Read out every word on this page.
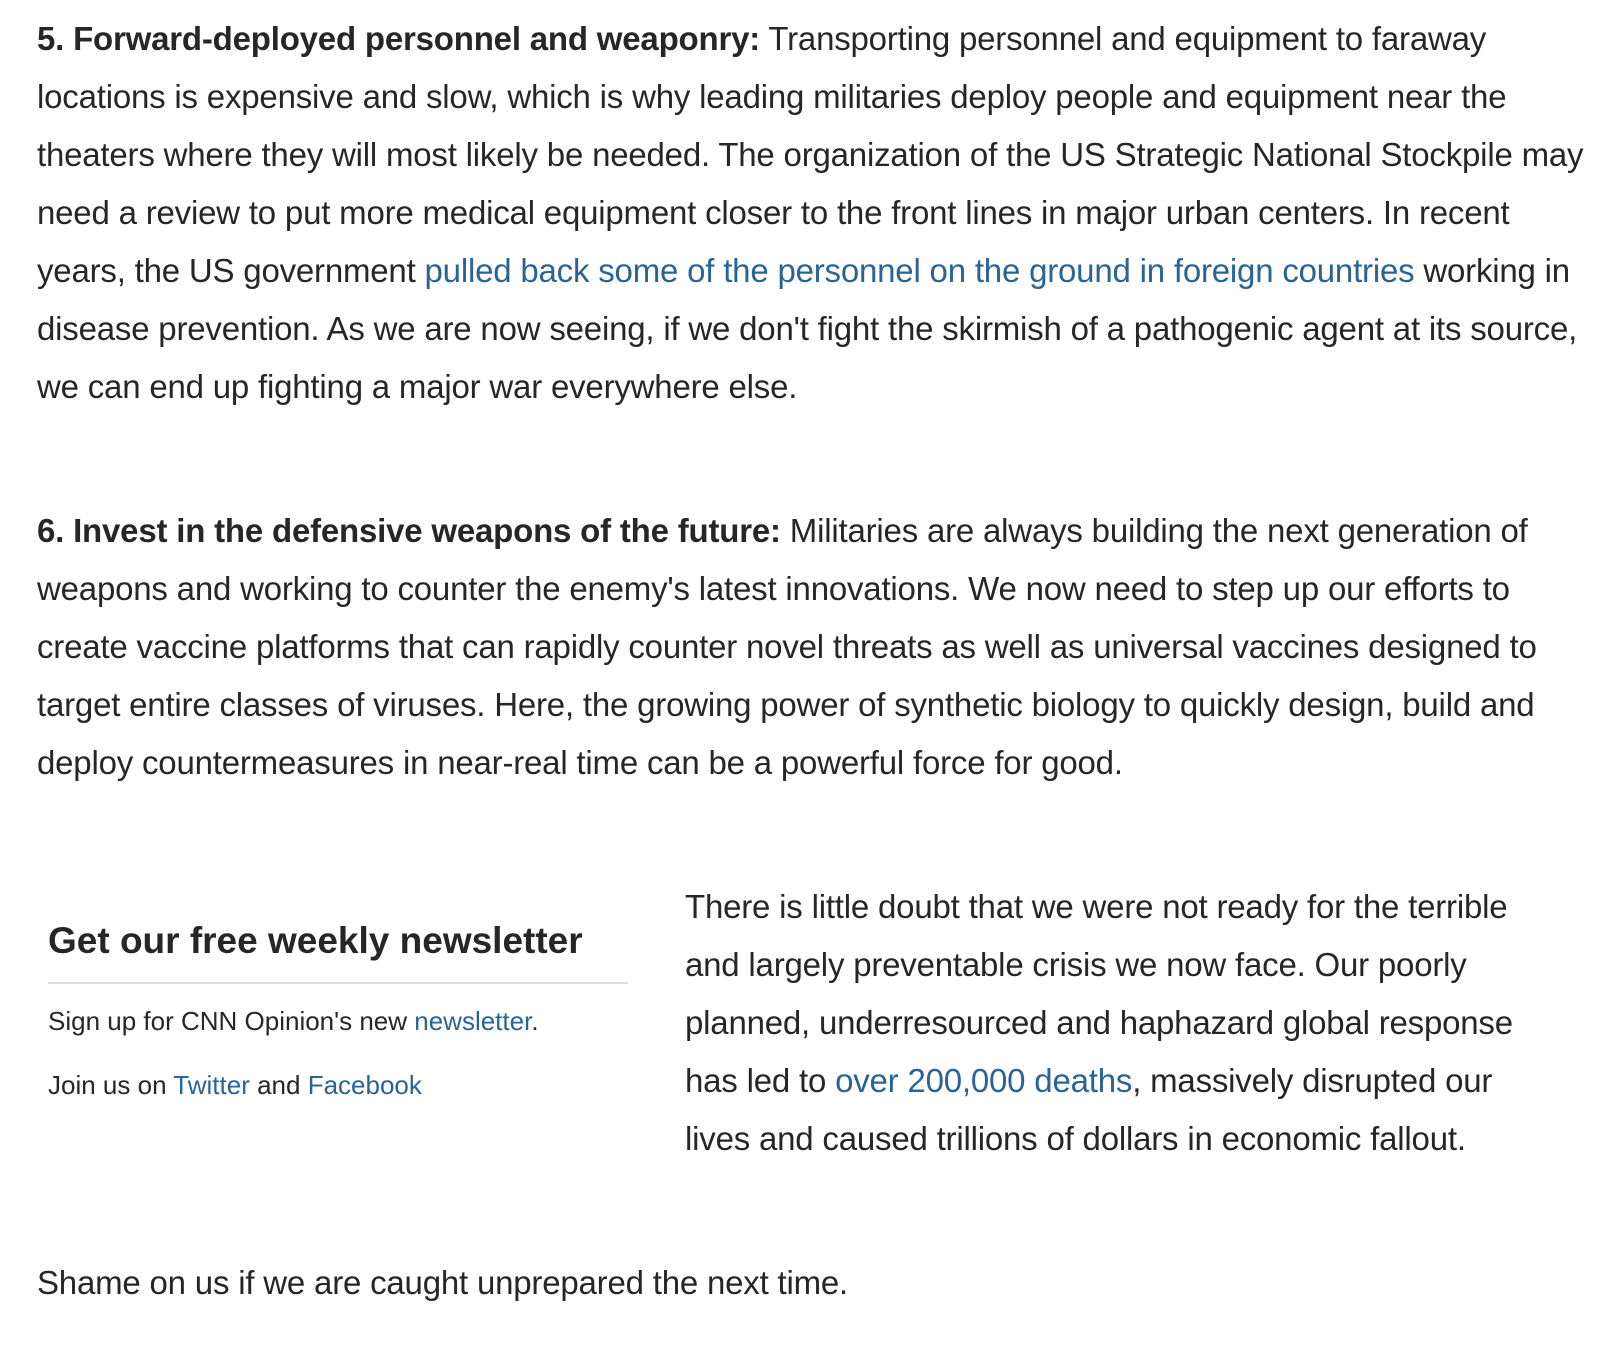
5. Forward-deployed personnel and weaponry: Transporting personnel and equipment to faraway locations is expensive and slow, which is why leading militaries deploy people and equipment near the theaters where they will most likely be needed. The organization of the US Strategic National Stockpile may need a review to put more medical equipment closer to the front lines in major urban centers. In recent years, the US government pulled back some of the personnel on the ground in foreign countries working in disease prevention. As we are now seeing, if we don't fight the skirmish of a pathogenic agent at its source, we can end up fighting a major war everywhere else.

6. Invest in the defensive weapons of the future: Militaries are always building the next generation of weapons and working to counter the enemy's latest innovations. We now need to step up our efforts to create vaccine platforms that can rapidly counter novel threats as well as universal vaccines designed to target entire classes of viruses. Here, the growing power of synthetic biology to quickly design, build and deploy countermeasures in near-real time can be a powerful force for good.

Get our free weekly newsletter

Sign up for CNN Opinion's new newsletter.

Join us on Twitter and Facebook

There is little doubt that we were not ready for the terrible and largely preventable crisis we now face. Our poorly planned, underresourced and haphazard global response has led to over 200,000 deaths, massively disrupted our lives and caused trillions of dollars in economic fallout.

Shame on us if we are caught unprepared the next time.
